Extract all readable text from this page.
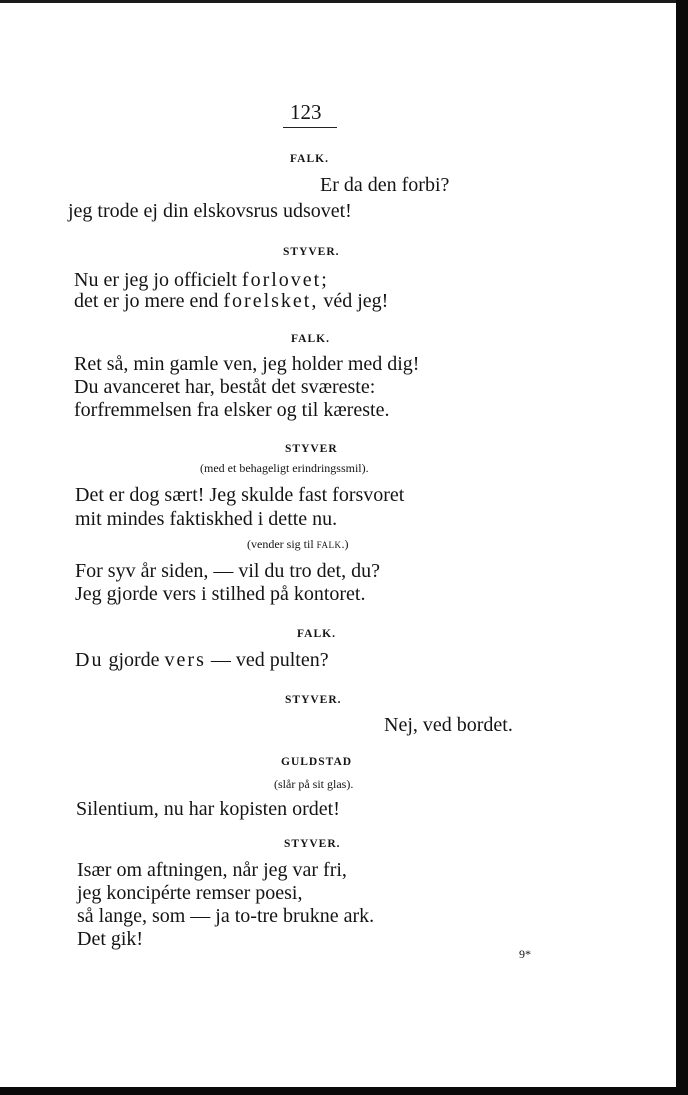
123
FALK.
Er da den forbi?
jeg trode ej din elskovsrus udsovet!
STYVER.
Nu er jeg jo officielt forlovet;
det er jo mere end forelsket, véd jeg!
FALK.
Ret så, min gamle ven, jeg holder med dig!
Du avanceret har, beståt det sværeste:
forfremmelsen fra elsker og til kæreste.
STYVER
(med et behageligt erindringssmil).
Det er dog sært! Jeg skulde fast forsvoret
mit mindes faktiskhed i dette nu.
(vender sig til FALK.)
For syv år siden, — vil du tro det, du?
Jeg gjorde vers i stilhed på kontoret.
FALK.
Du gjorde vers — ved pulten?
STYVER.
Nej, ved bordet.
GULDSTAD
(slår på sit glas).
Silentium, nu har kopisten ordet!
STYVER.
Især om aftningen, når jeg var fri,
jeg koncipérte remser poesi,
så lange, som — ja to-tre brukne ark.
Det gik!
9*
